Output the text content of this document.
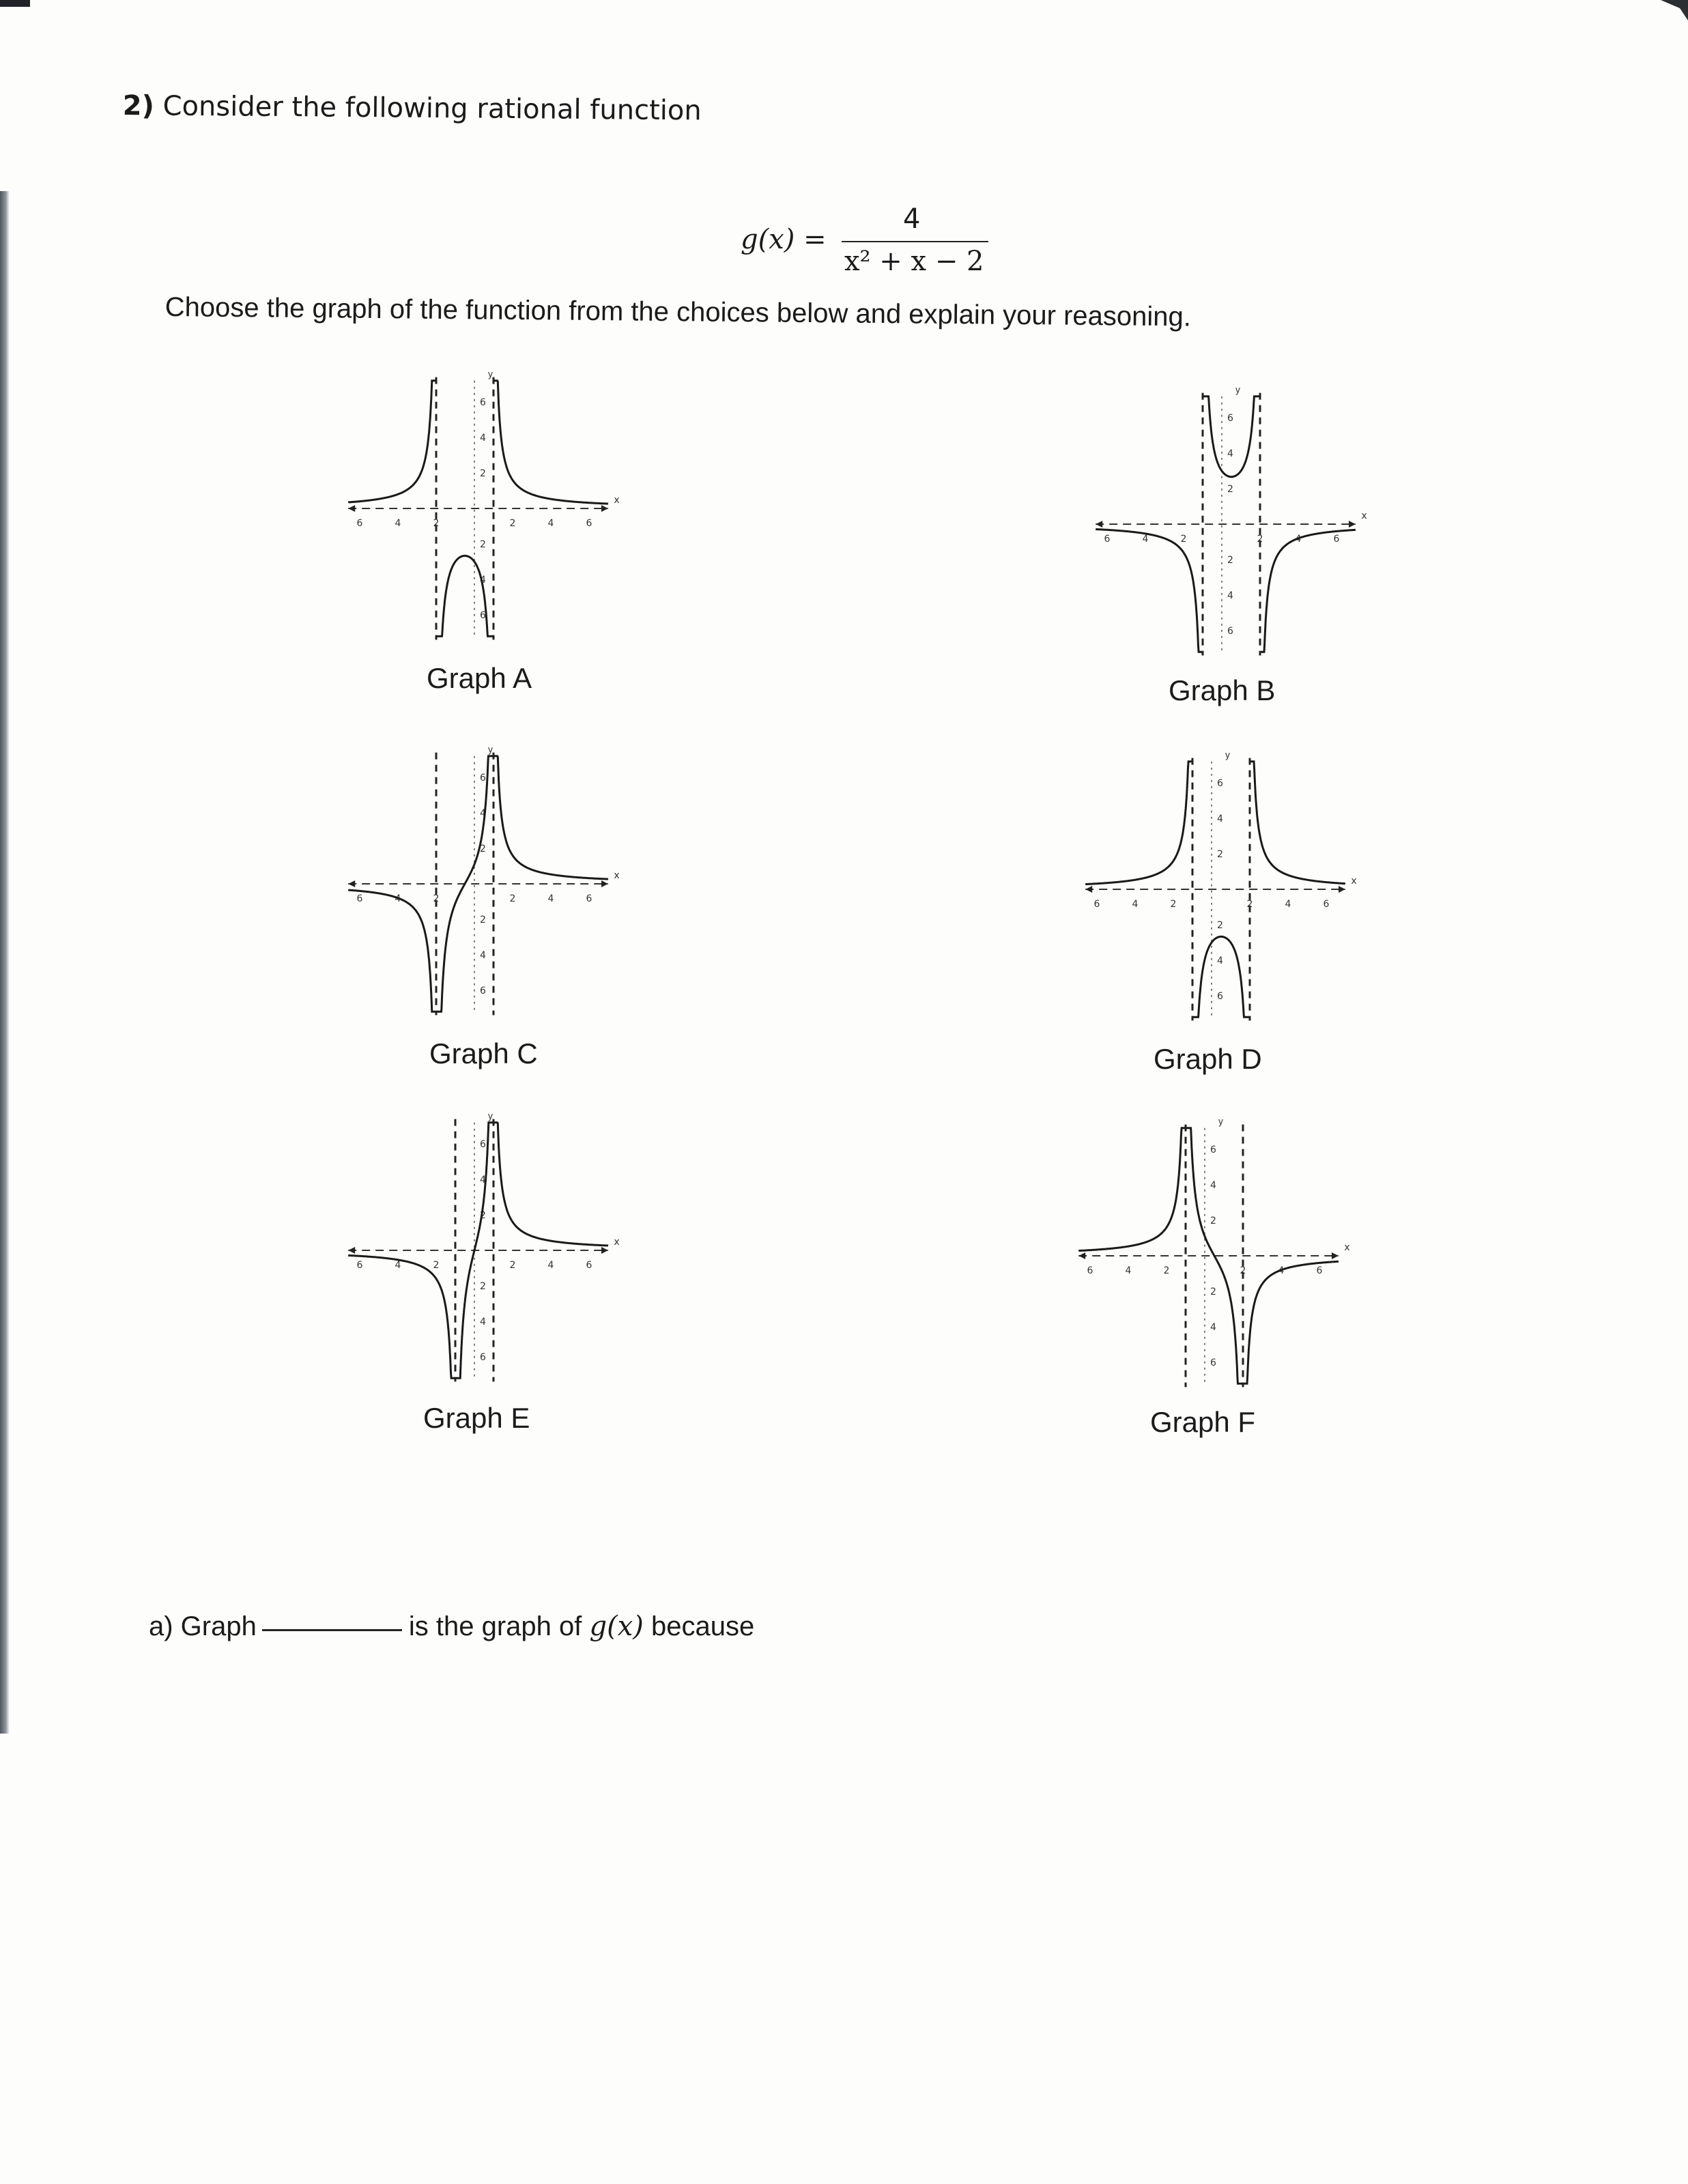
2) Consider the following rational function
g(x) =
4
x² + x − 2
Choose the graph of the function from the choices below and explain your reasoning.
6	4	2	2	4	6
6
4
2
2
4
6
x
y
Graph A
6	4	2	2	4	6
6
4
2
2
4
6
x
y
Graph B
6	4	2	2	4	6
6
4
2
2
4
6
x
y
Graph C
6	4	2	2	4	6
6
4
2
2
4
6
x
y
Graph D
6	4	2	2	4	6
6
4
2
2
4
6
x
y
Graph E
6	4	2	2	4	6
6
4
2
2
4
6
x
y
Graph F
a) Graph	is the graph of g(x) because
